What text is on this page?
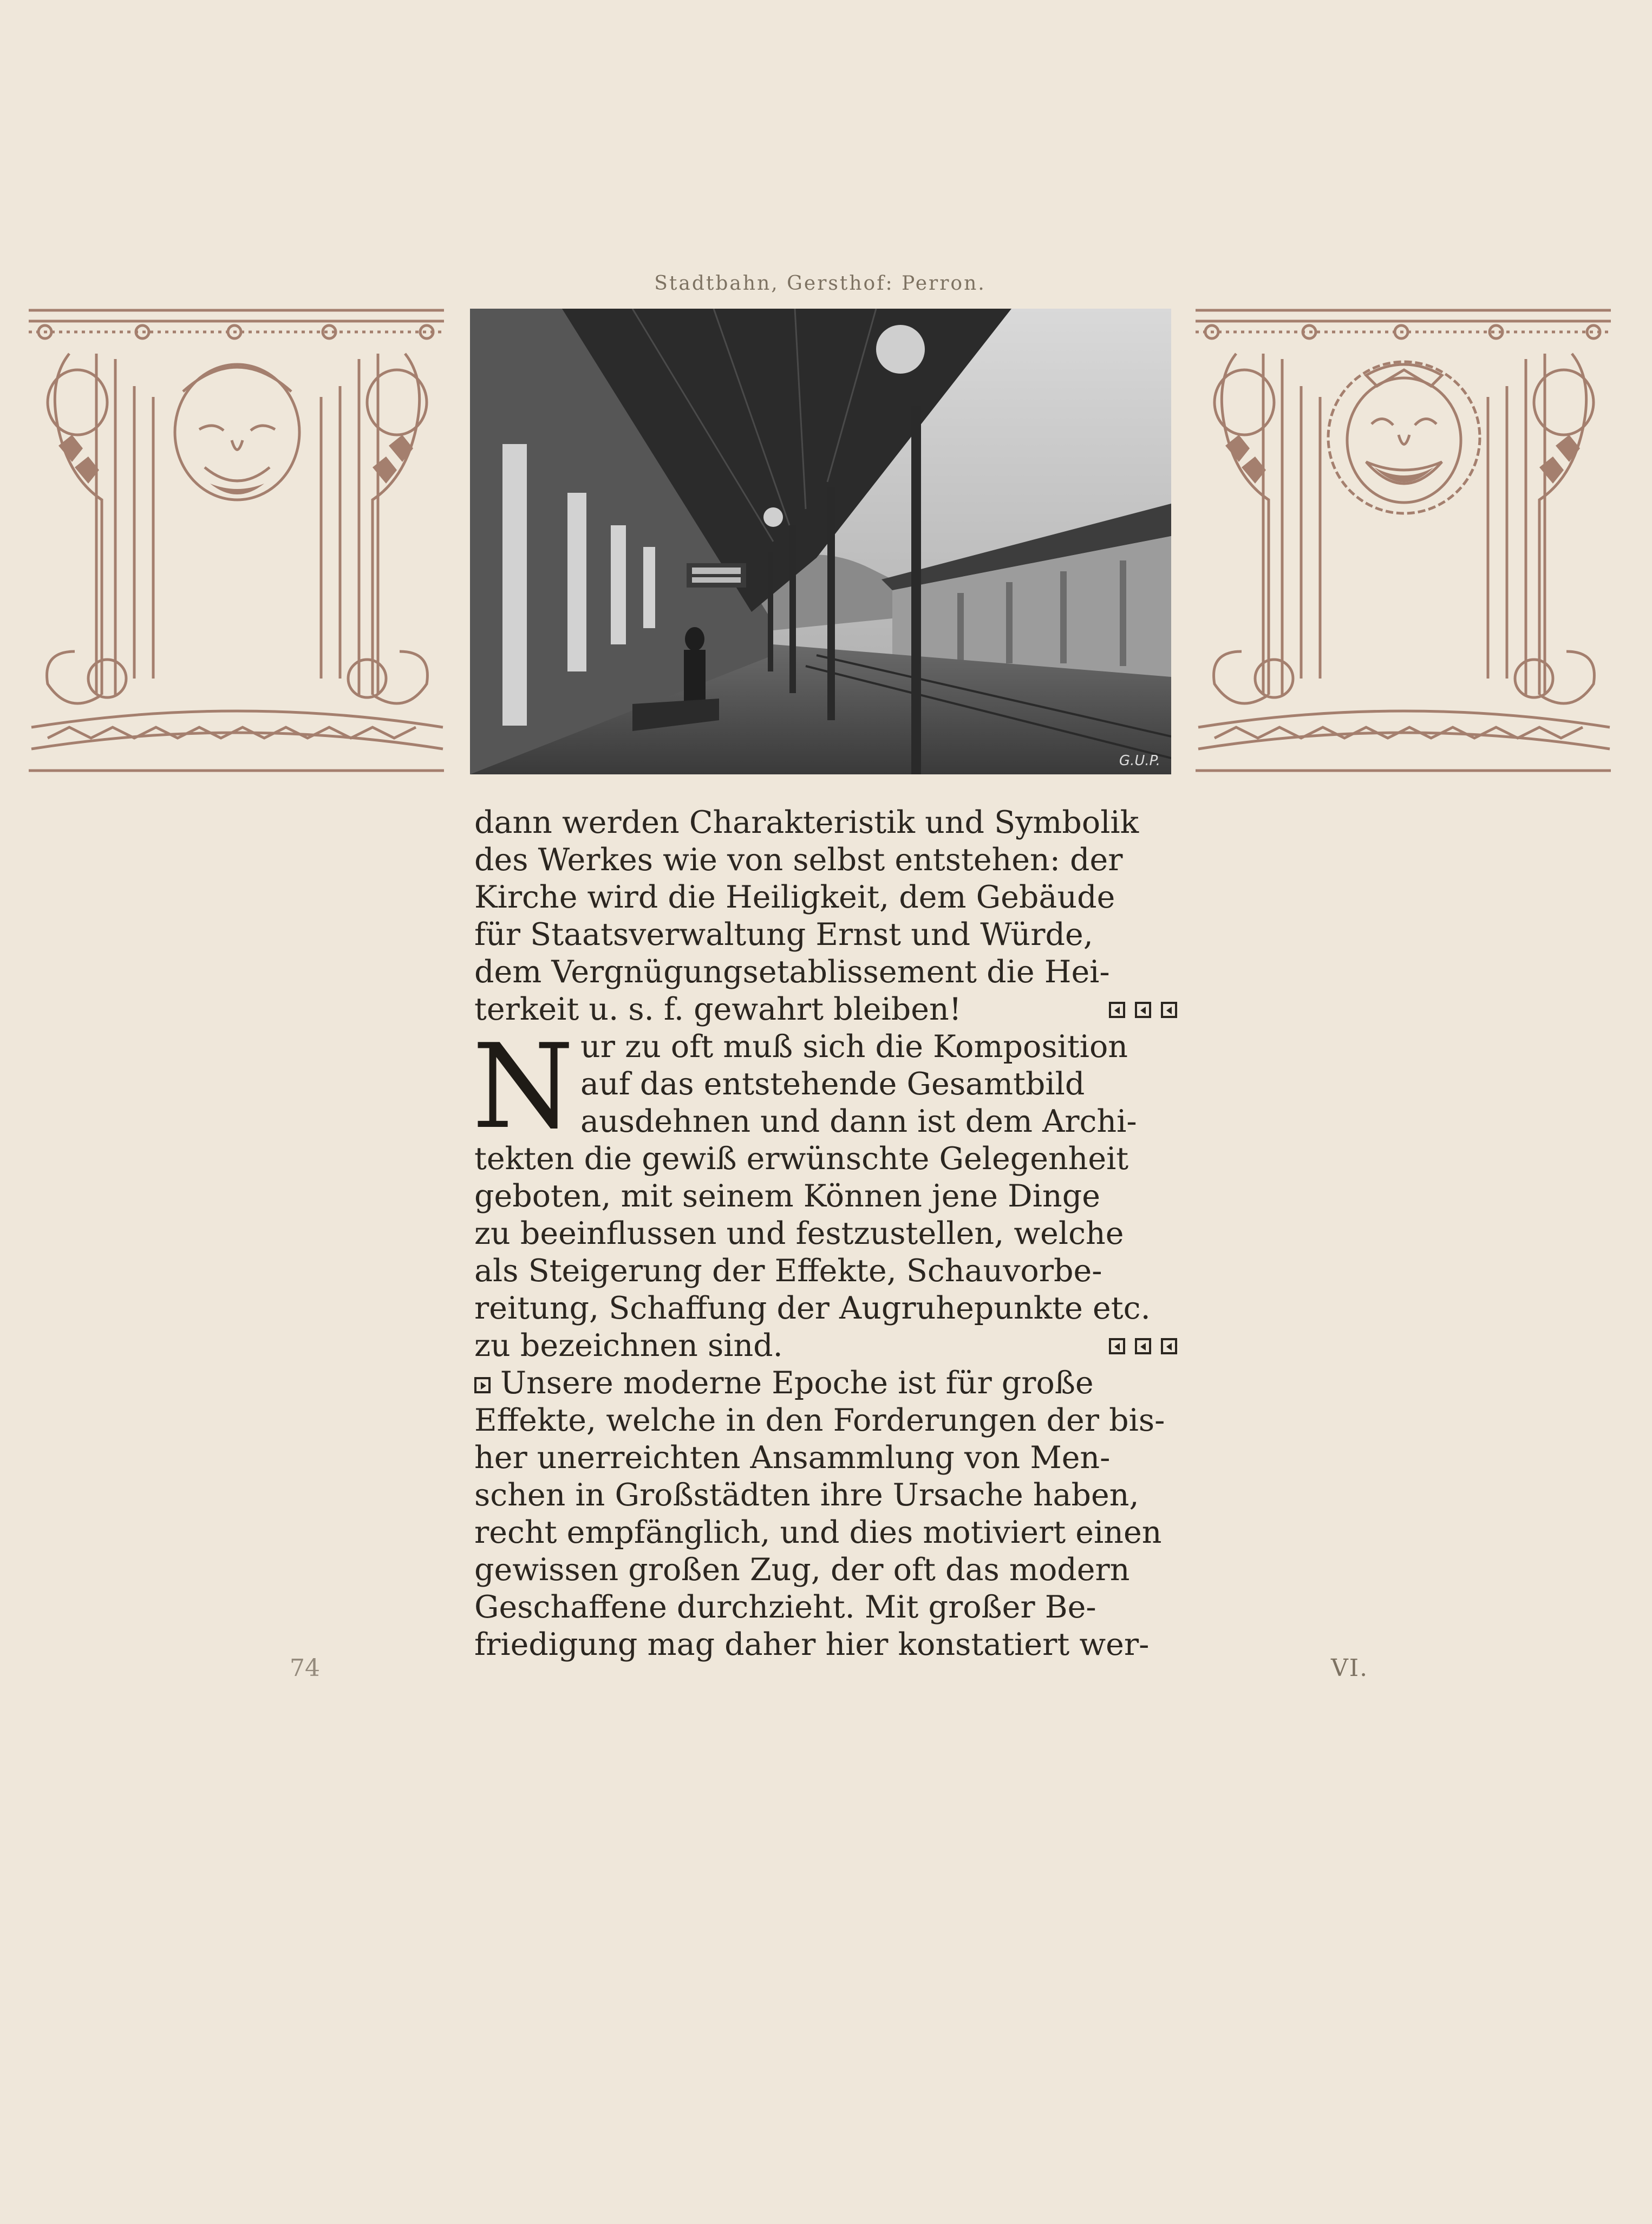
Stadtbahn, Gersthof: Perron.
G.U.P.
dann werden Charakteristik und Symbolik
des Werkes wie von selbst entstehen: der
Kirche wird die Heiligkeit, dem Gebäude
für Staatsverwaltung Ernst und Würde,
dem Vergnügungsetablissement die Hei-
terkeit u. s. f. gewahrt bleiben!
N ur zu oft muß sich die Komposition
auf das entstehende Gesamtbild
ausdehnen und dann ist dem Archi-
tekten die gewiß erwünschte Gelegenheit
geboten, mit seinem Können jene Dinge
zu beeinflussen und festzustellen, welche
als Steigerung der Effekte, Schauvorbe-
reitung, Schaffung der Augruhepunkte etc.
zu bezeichnen sind.
Unsere moderne Epoche ist für große
Effekte, welche in den Forderungen der bis-
her unerreichten Ansammlung von Men-
schen in Großstädten ihre Ursache haben,
recht empfänglich, und dies motiviert einen
gewissen großen Zug, der oft das modern
Geschaffene durchzieht. Mit großer Be-
friedigung mag daher hier konstatiert wer-
74	VI.
